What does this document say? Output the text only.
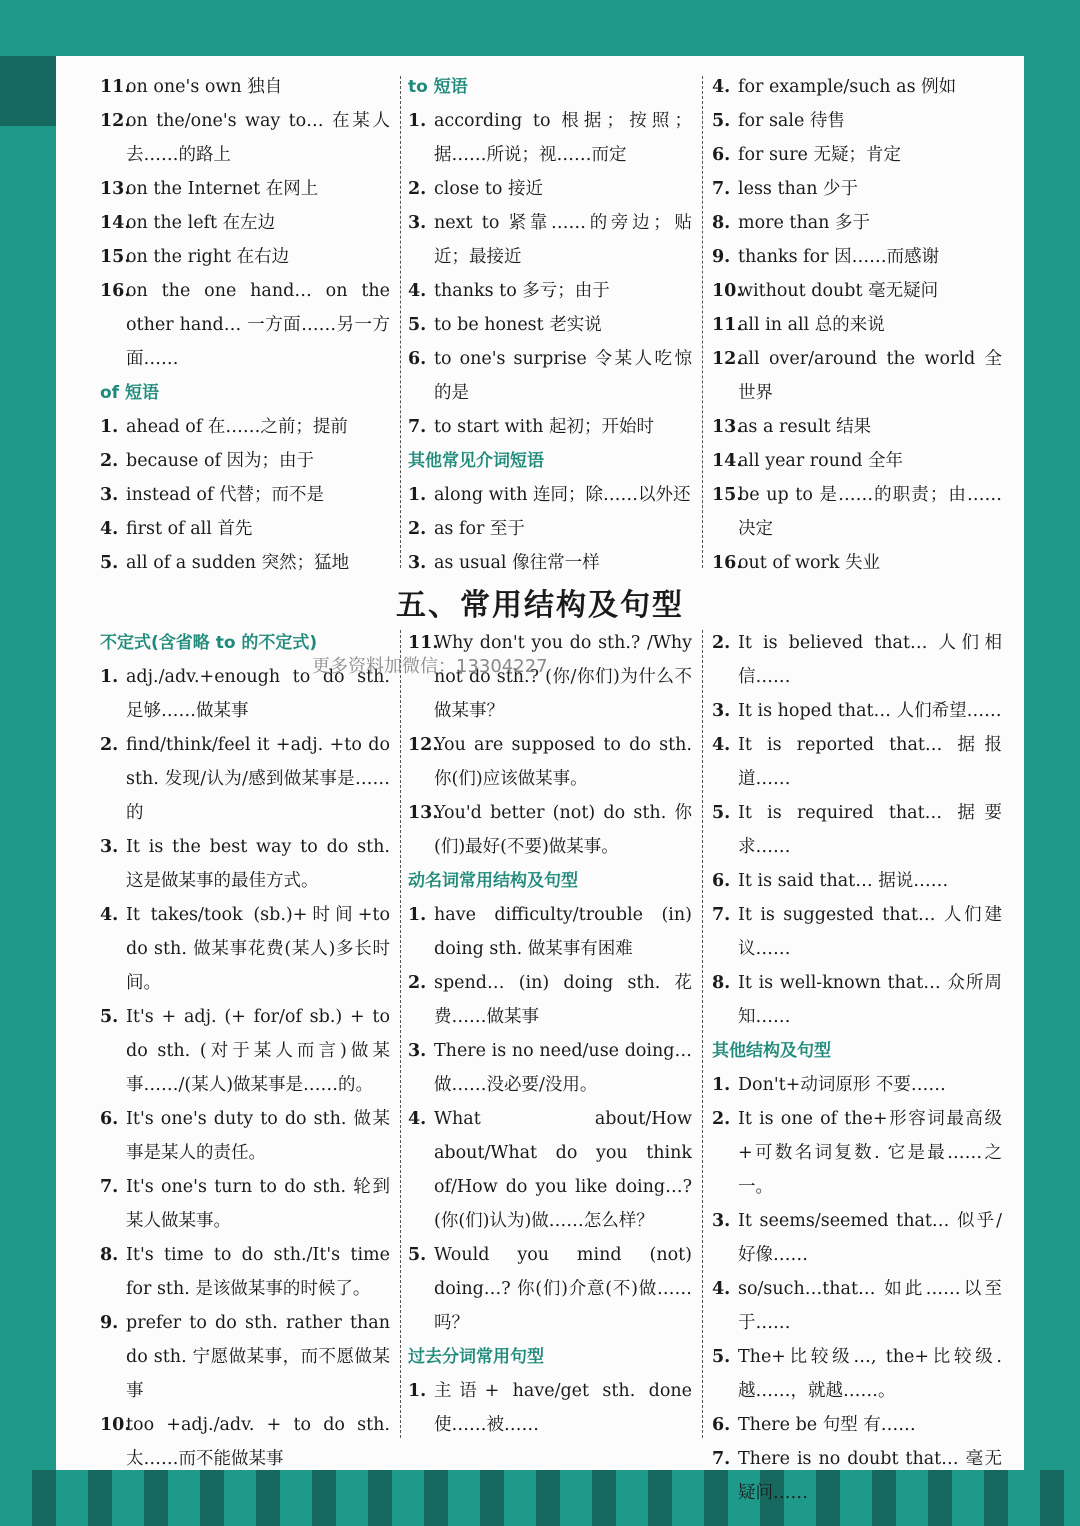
11.
on one's own 独自
12.
on the/one's way to… 在某人去……的路上
13.
on the Internet 在网上
14.
on the left 在左边
15.
on the right 在右边
16.
on the one hand… on the other hand… 一方面……另一方面……
of 短语
1. ahead of 在……之前；提前
2. because of 因为；由于
3. instead of 代替；而不是
4. first of all 首先
5. all of a sudden 突然；猛地
to 短语
1. according to 根据；按照；据……所说；视……而定
2. close to 接近
3. next to 紧靠……的旁边；贴近；最接近
4. thanks to 多亏；由于
5. to be honest 老实说
6. to one's surprise 令某人吃惊的是
7. to start with 起初；开始时
其他常见介词短语
1. along with 连同；除……以外还
2. as for 至于
3. as usual 像往常一样
4. for example/such as 例如
5. for sale 待售
6. for sure 无疑；肯定
7. less than 少于
8. more than 多于
9. thanks for 因……而感谢
10.
without doubt 毫无疑问
11.
all in all 总的来说
12.
all over/around the world 全世界
13.
as a result 结果
14.
all year round 全年
15.
be up to 是……的职责；由……决定
16.
out of work 失业
五、常用结构及句型
不定式(含省略 to 的不定式)
1. adj./adv.+enough to do sth. 足够……做某事
2. find/think/feel it +adj. +to do sth. 发现/认为/感到做某事是……的
3. It is the best way to do sth. 这是做某事的最佳方式。
4. It takes/took (sb.)+时间+to do sth. 做某事花费(某人)多长时间。
5. It's + adj. (+ for/of sb.) + to do sth. (对于某人而言)做某事……/(某人)做某事是……的。
6. It's one's duty to do sth. 做某事是某人的责任。
7. It's one's turn to do sth. 轮到某人做某事。
8. It's time to do sth./It's time for sth. 是该做某事的时候了。
9. prefer to do sth. rather than do sth. 宁愿做某事，而不愿做某事
10.
too +adj./adv. + to do sth. 太……而不能做某事
11.
Why don't you do sth.? /Why not do sth.? (你/你们)为什么不做某事？
12.
You are supposed to do sth. 你(们)应该做某事。
13.
You'd better (not) do sth. 你(们)最好(不要)做某事。
动名词常用结构及句型
1. have difficulty/trouble (in) doing sth. 做某事有困难
2. spend… (in) doing sth. 花费……做某事
3. There is no need/use doing… 做……没必要/没用。
4. What about/How about/What do you think of/How do you like doing…? (你(们)认为)做……怎么样？
5. Would you mind (not) doing…? 你(们)介意(不)做……吗？
过去分词常用句型
1. 主语+ have/get sth. done 使……被……
2. It is believed that… 人们相信……
3. It is hoped that… 人们希望……
4. It is reported that… 据报道……
5. It is required that… 据要求……
6. It is said that… 据说……
7. It is suggested that… 人们建议……
8. It is well-known that… 众所周知……
其他结构及句型
1. Don't+动词原形 不要……
2. It is one of the+形容词最高级+可数名词复数. 它是最……之一。
3. It seems/seemed that… 似乎/好像……
4. so/such…that… 如此……以至于……
5. The+比较级…, the+比较级. 越……，就越……。
6. There be 句型 有……
7. There is no doubt that… 毫无疑问……
更多资料加微信：13304227
